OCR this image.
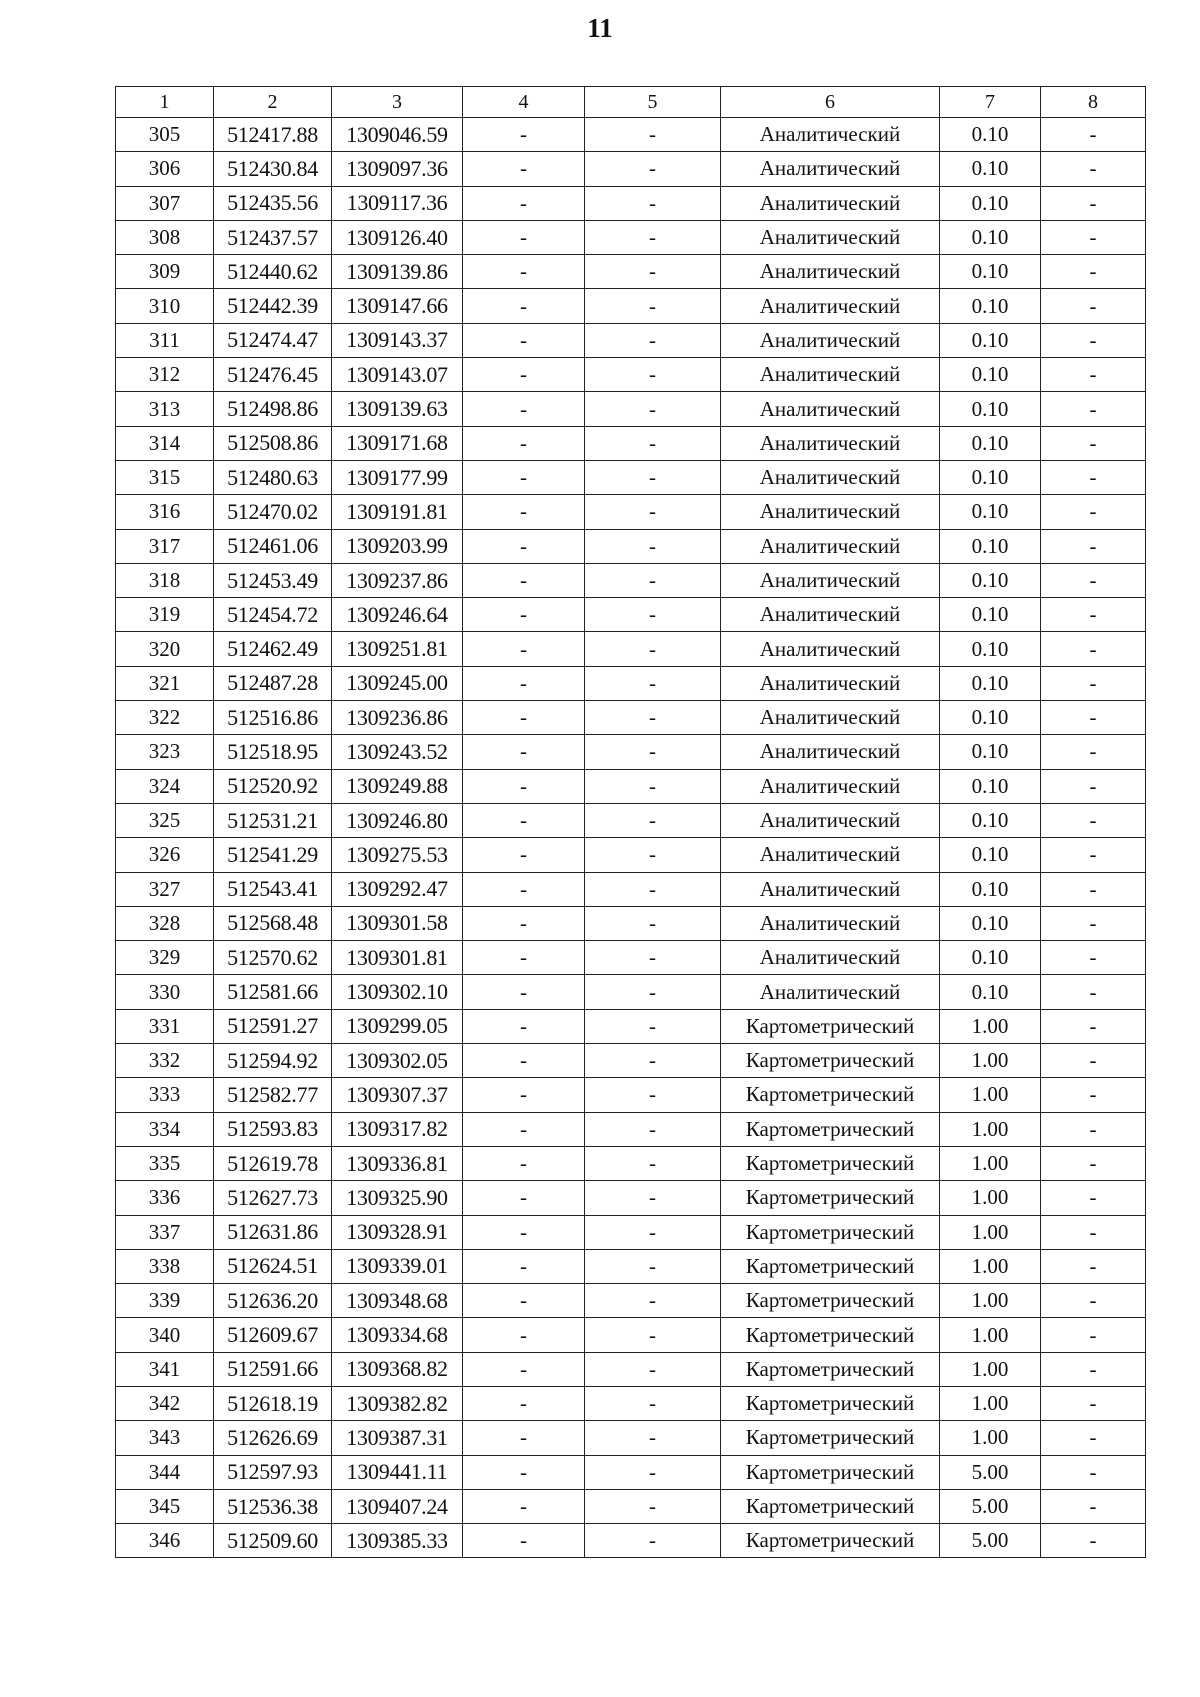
11
1	2	3	4	5	6	7	8
305	512417.88	1309046.59	-	-	Аналитический	0.10	-
306	512430.84	1309097.36	-	-	Аналитический	0.10	-
307	512435.56	1309117.36	-	-	Аналитический	0.10	-
308	512437.57	1309126.40	-	-	Аналитический	0.10	-
309	512440.62	1309139.86	-	-	Аналитический	0.10	-
310	512442.39	1309147.66	-	-	Аналитический	0.10	-
311	512474.47	1309143.37	-	-	Аналитический	0.10	-
312	512476.45	1309143.07	-	-	Аналитический	0.10	-
313	512498.86	1309139.63	-	-	Аналитический	0.10	-
314	512508.86	1309171.68	-	-	Аналитический	0.10	-
315	512480.63	1309177.99	-	-	Аналитический	0.10	-
316	512470.02	1309191.81	-	-	Аналитический	0.10	-
317	512461.06	1309203.99	-	-	Аналитический	0.10	-
318	512453.49	1309237.86	-	-	Аналитический	0.10	-
319	512454.72	1309246.64	-	-	Аналитический	0.10	-
320	512462.49	1309251.81	-	-	Аналитический	0.10	-
321	512487.28	1309245.00	-	-	Аналитический	0.10	-
322	512516.86	1309236.86	-	-	Аналитический	0.10	-
323	512518.95	1309243.52	-	-	Аналитический	0.10	-
324	512520.92	1309249.88	-	-	Аналитический	0.10	-
325	512531.21	1309246.80	-	-	Аналитический	0.10	-
326	512541.29	1309275.53	-	-	Аналитический	0.10	-
327	512543.41	1309292.47	-	-	Аналитический	0.10	-
328	512568.48	1309301.58	-	-	Аналитический	0.10	-
329	512570.62	1309301.81	-	-	Аналитический	0.10	-
330	512581.66	1309302.10	-	-	Аналитический	0.10	-
331	512591.27	1309299.05	-	-	Картометрический	1.00	-
332	512594.92	1309302.05	-	-	Картометрический	1.00	-
333	512582.77	1309307.37	-	-	Картометрический	1.00	-
334	512593.83	1309317.82	-	-	Картометрический	1.00	-
335	512619.78	1309336.81	-	-	Картометрический	1.00	-
336	512627.73	1309325.90	-	-	Картометрический	1.00	-
337	512631.86	1309328.91	-	-	Картометрический	1.00	-
338	512624.51	1309339.01	-	-	Картометрический	1.00	-
339	512636.20	1309348.68	-	-	Картометрический	1.00	-
340	512609.67	1309334.68	-	-	Картометрический	1.00	-
341	512591.66	1309368.82	-	-	Картометрический	1.00	-
342	512618.19	1309382.82	-	-	Картометрический	1.00	-
343	512626.69	1309387.31	-	-	Картометрический	1.00	-
344	512597.93	1309441.11	-	-	Картометрический	5.00	-
345	512536.38	1309407.24	-	-	Картометрический	5.00	-
346	512509.60	1309385.33	-	-	Картометрический	5.00	-
